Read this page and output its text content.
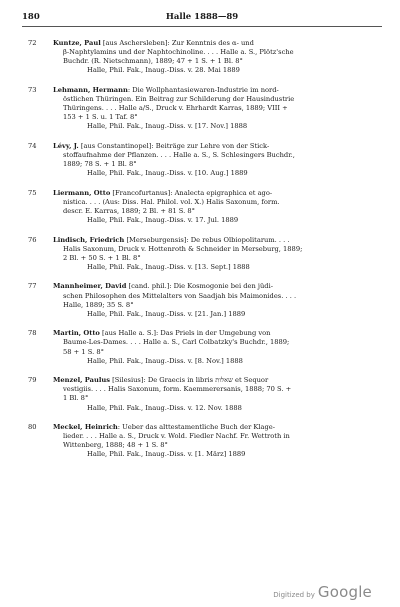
180	Halle 1888—89
72	Kuntze, Paul [aus Aschersleben]: Zur Kenntnis des α- und
β-Naphtylamins und der Naphtochinoline. . . . Halle a. S., Plötz'sche
Buchdr. (R. Nietschmann), 1889; 47 + 1 S. + 1 Bl. 8°
Halle, Phil. Fak., Inaug.-Diss. v. 28. Mai 1889
73	Lehmann, Hermann: Die Wollphantasiewaren-Industrie im nord-
östlichen Thüringen. Ein Beitrag zur Schilderung der Hausindustrie
Thüringens. . . . Halle a/S., Druck v. Ehrhardt Karras, 1889; VIII +
153 + 1 S. u. 1 Taf. 8°
Halle, Phil. Fak., Inaug.-Diss. v. [17. Nov.] 1888
74	Lévy, J. [aus Constantinopel]: Beiträge zur Lehre von der Stick-
stoffaufnahme der Pflanzen. . . . Halle a. S., S. Schlesingers Buchdr.,
1889; 78 S. + 1 Bl. 8°
Halle, Phil. Fak., Inaug.-Diss. v. [10. Aug.] 1889
75	Liermann, Otto [Francofurtanus]: Analecta epigraphica et ago-
nistica. . . . (Aus: Diss. Hal. Philol. vol. X.) Halis Saxonum, form.
descr. E. Karras, 1889; 2 Bl. + 81 S. 8°
Halle, Phil. Fak., Inaug.-Diss. v. 17. Jul. 1889
76	Lindisch, Friedrich [Merseburgensis]: De rebus Olbiopolitarum. . . .
Halis Saxonum, Druck v. Hottenroth & Schneider in Merseburg, 1889;
2 Bl. + 50 S. + 1 Bl. 8°
Halle, Phil. Fak., Inaug.-Diss. v. [13. Sept.] 1888
77	Mannheimer, David [cand. phil.]: Die Kosmogonie bei den jüdi-
schen Philosophen des Mittelalters von Saadjah bis Maimonides. . . .
Halle, 1889; 35 S. 8°
Halle, Phil. Fak., Inaug.-Diss. v. [21. Jan.] 1889
78	Martin, Otto [aus Halle a. S.]: Das Priels in der Umgebung von
Baume-Les-Dames. . . . Halle a. S., Carl Colbatzky's Buchdr., 1889;
58 + 1 S. 8°
Halle, Phil. Fak., Inaug.-Diss. v. [8. Nov.] 1888
79	Menzel, Paulus [Silesius]: De Graecis in libris שאלות et Sequor
vestigiis. . . . Halis Saxonum, form. Kaemmerersanis, 1888; 70 S. +
1 Bl. 8°
Halle, Phil. Fak., Inaug.-Diss. v. 12. Nov. 1888
80	Meckel, Heinrich: Ueber das alttestamentliche Buch der Klage-
lieder. . . . Halle a. S., Druck v. Wold. Fiedler Nachf. Fr. Wettroth in
Wittenberg, 1888; 48 + 1 S. 8°
Halle, Phil. Fak., Inaug.-Diss. v. [1. März] 1889
Digitized by Google
